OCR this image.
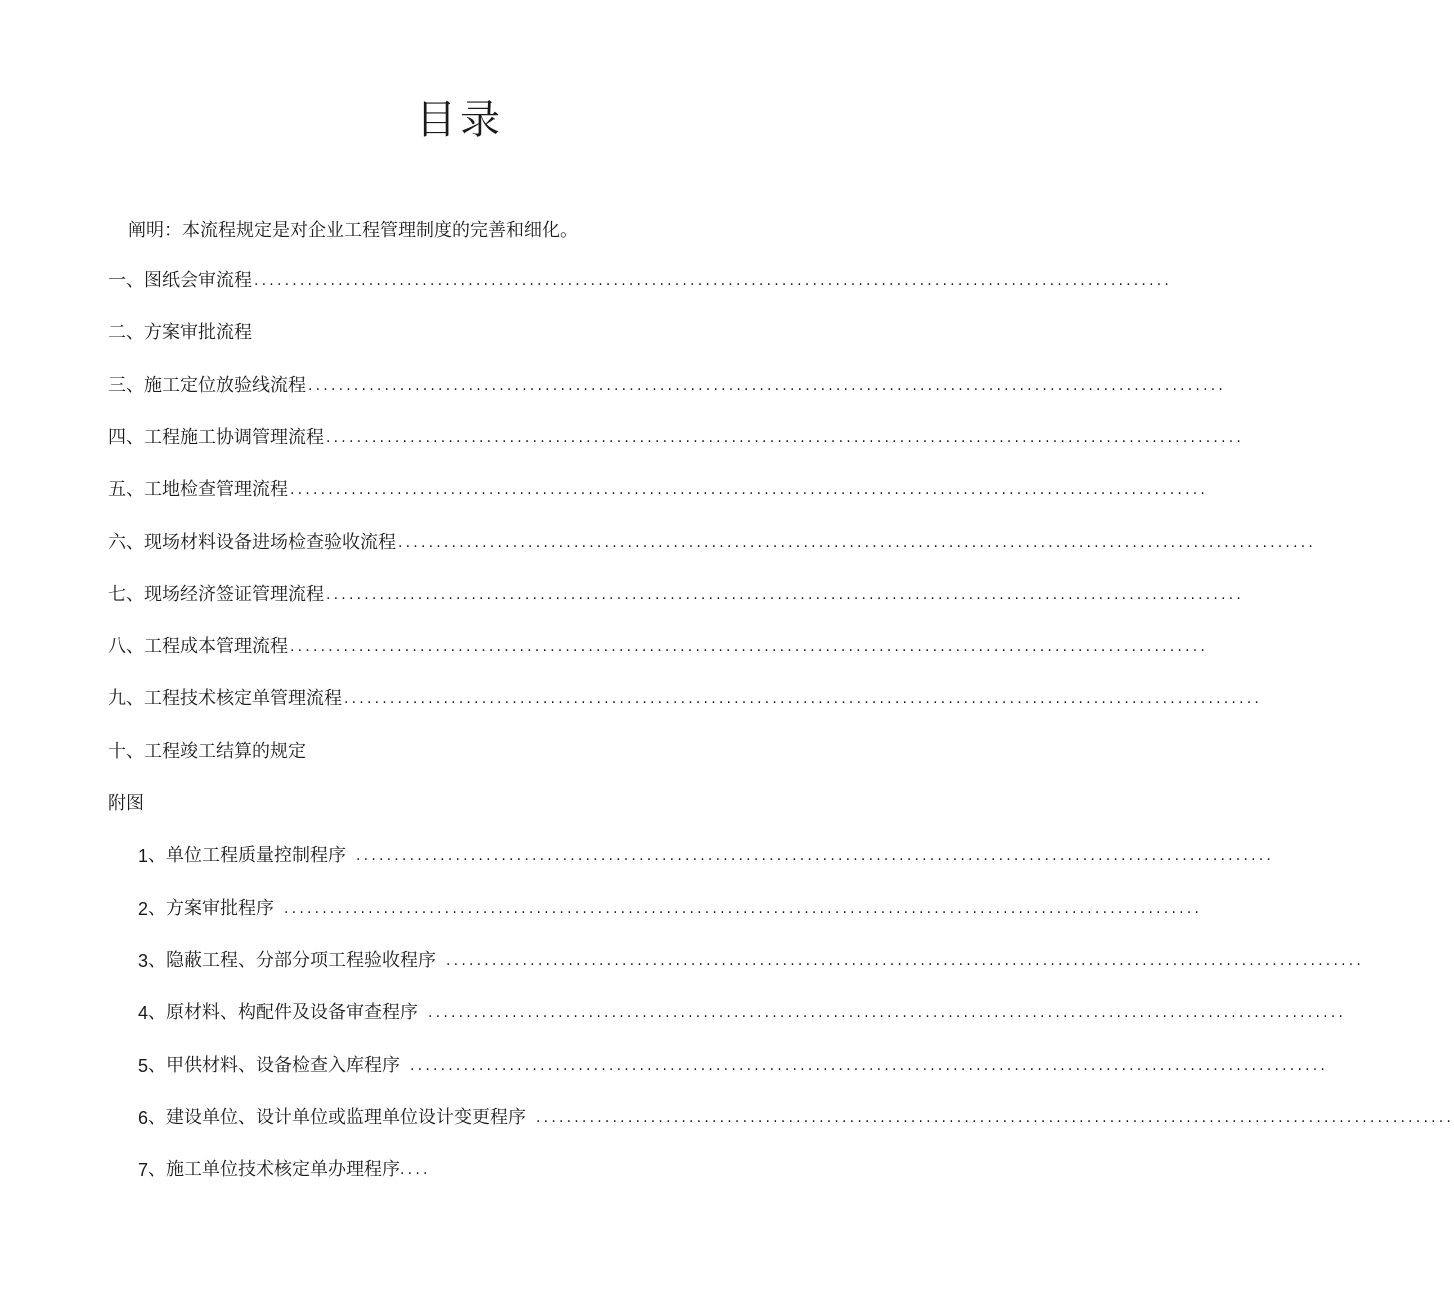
目录
阐明：本流程规定是对企业工程管理制度的完善和细化。
一、图纸会审流程 ........................................................................................................................
二、方案审批流程
三、施工定位放验线流程 ........................................................................................................................
四、工程施工协调管理流程 ........................................................................................................................
五、工地检查管理流程 ........................................................................................................................
六、现场材料设备进场检查验收流程 ........................................................................................................................
七、现场经济签证管理流程 ........................................................................................................................
八、工程成本管理流程 ........................................................................................................................
九、工程技术核定单管理流程 ........................................................................................................................
十、工程竣工结算的规定
附图
1 、单位工程质量控制程序 ........................................................................................................................
2 、方案审批程序 ........................................................................................................................
3 、隐蔽工程、分部分项工程验收程序 ........................................................................................................................
4 、原材料、构配件及设备审查程序 ........................................................................................................................
5 、甲供材料、设备检查入库程序 ........................................................................................................................
6 、建设单位、设计单位或监理单位设计变更程序 ........................................................................................................................
7 、施工单位技术核定单办理程序 ....
